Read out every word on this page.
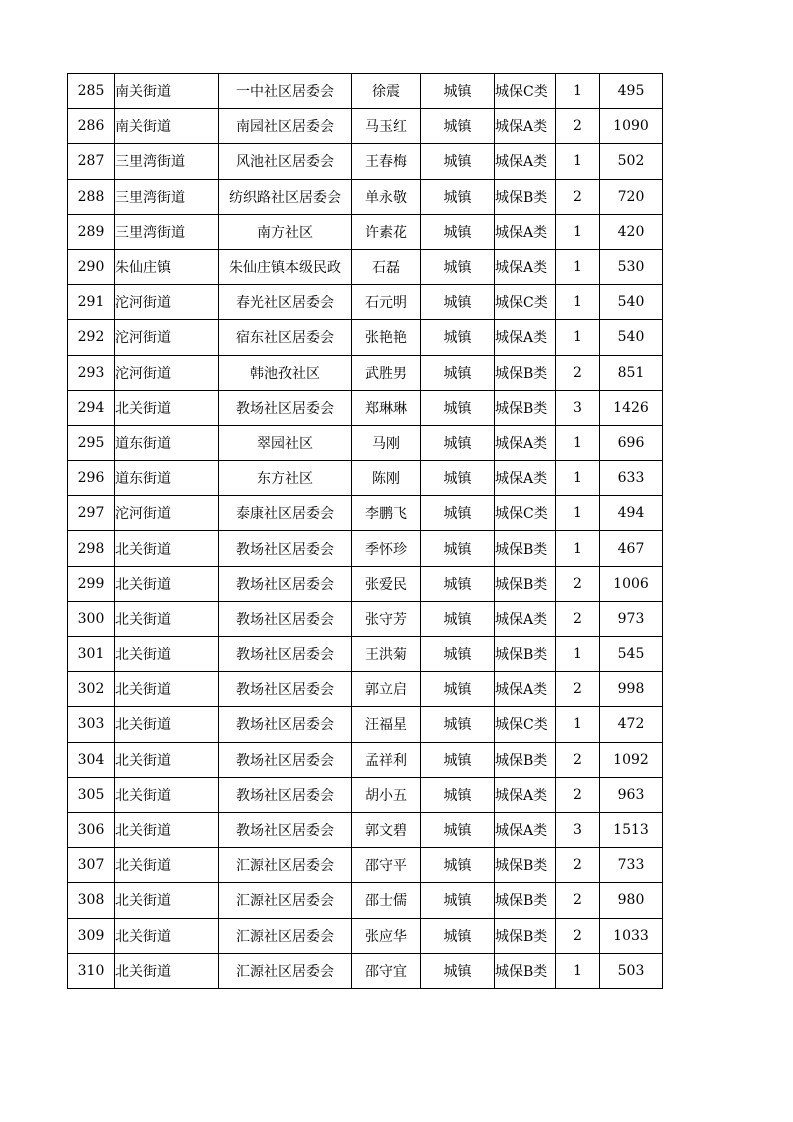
285	南关街道	一中社区居委会	徐震	城镇	城保C类	1	495
286	南关街道	南园社区居委会	马玉红	城镇	城保A类	2	1090
287	三里湾街道	风池社区居委会	王春梅	城镇	城保A类	1	502
288	三里湾街道	纺织路社区居委会	单永敬	城镇	城保B类	2	720
289	三里湾街道	南方社区	许素花	城镇	城保A类	1	420
290	朱仙庄镇	朱仙庄镇本级民政	石磊	城镇	城保A类	1	530
291	沱河街道	春光社区居委会	石元明	城镇	城保C类	1	540
292	沱河街道	宿东社区居委会	张艳艳	城镇	城保A类	1	540
293	沱河街道	韩池孜社区	武胜男	城镇	城保B类	2	851
294	北关街道	教场社区居委会	郑琳琳	城镇	城保B类	3	1426
295	道东街道	翠园社区	马刚	城镇	城保A类	1	696
296	道东街道	东方社区	陈刚	城镇	城保A类	1	633
297	沱河街道	泰康社区居委会	李鹏飞	城镇	城保C类	1	494
298	北关街道	教场社区居委会	季怀珍	城镇	城保B类	1	467
299	北关街道	教场社区居委会	张爱民	城镇	城保B类	2	1006
300	北关街道	教场社区居委会	张守芳	城镇	城保A类	2	973
301	北关街道	教场社区居委会	王洪菊	城镇	城保B类	1	545
302	北关街道	教场社区居委会	郭立启	城镇	城保A类	2	998
303	北关街道	教场社区居委会	汪福星	城镇	城保C类	1	472
304	北关街道	教场社区居委会	孟祥利	城镇	城保B类	2	1092
305	北关街道	教场社区居委会	胡小五	城镇	城保A类	2	963
306	北关街道	教场社区居委会	郭文碧	城镇	城保A类	3	1513
307	北关街道	汇源社区居委会	邵守平	城镇	城保B类	2	733
308	北关街道	汇源社区居委会	邵士儒	城镇	城保B类	2	980
309	北关街道	汇源社区居委会	张应华	城镇	城保B类	2	1033
310	北关街道	汇源社区居委会	邵守宜	城镇	城保B类	1	503
